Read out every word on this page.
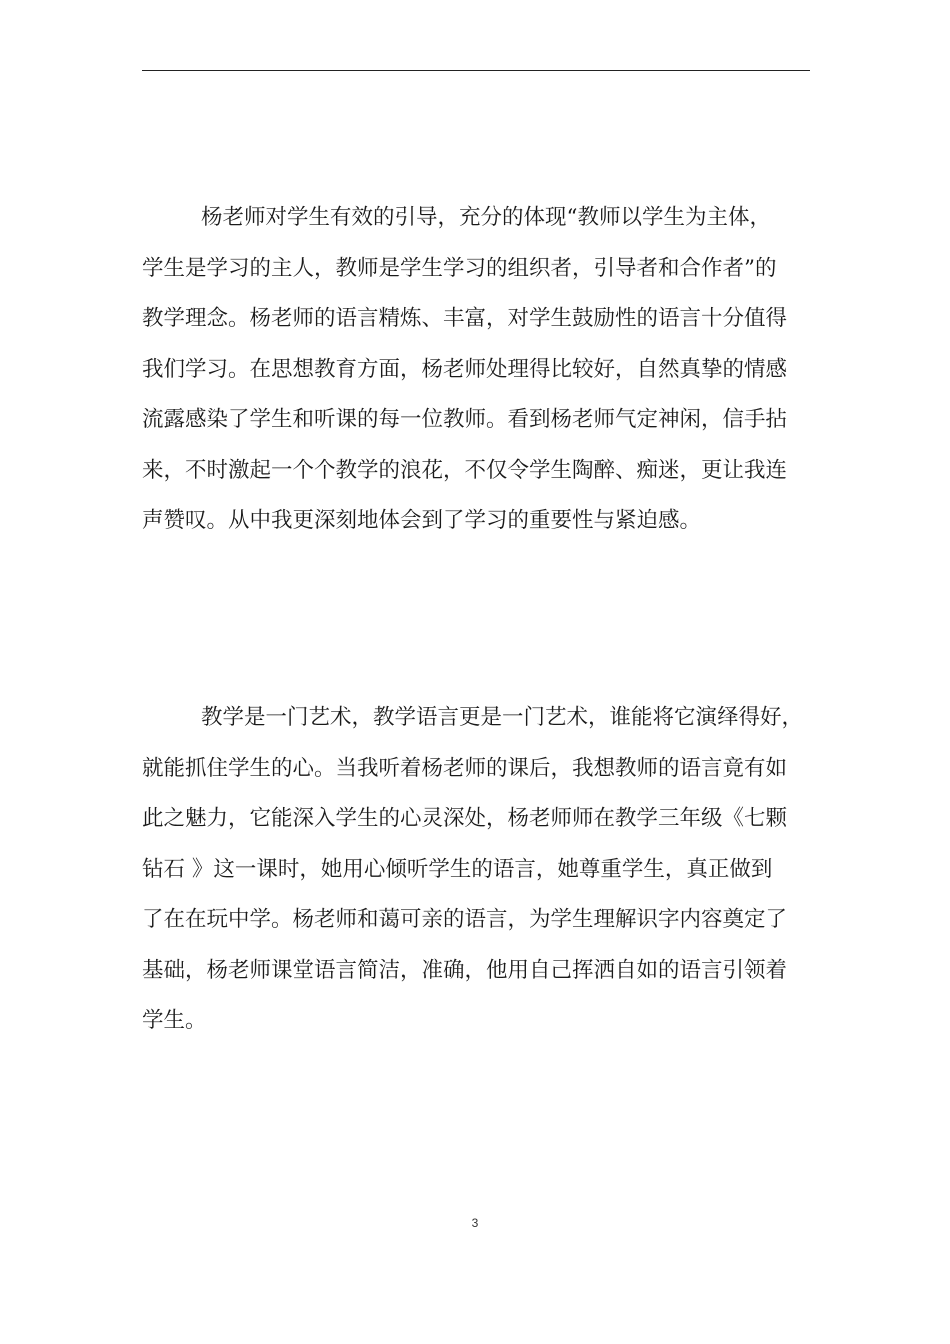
杨老师对学生有效的引导，充分的体现“教师以学生为主体，
学生是学习的主人，教师是学生学习的组织者，引导者和合作者”的
教学理念。杨老师的语言精炼、丰富，对学生鼓励性的语言十分值得
我们学习。在思想教育方面，杨老师处理得比较好，自然真挚的情感
流露感染了学生和听课的每一位教师。看到杨老师气定神闲，信手拈
来，不时激起一个个教学的浪花，不仅令学生陶醉、痴迷，更让我连
声赞叹。从中我更深刻地体会到了学习的重要性与紧迫感。
教学是一门艺术，教学语言更是一门艺术，谁能将它演绎得好，
就能抓住学生的心。当我听着杨老师的课后，我想教师的语言竟有如
此之魅力，它能深入学生的心灵深处，杨老师师在教学三年级《七颗
钻石 》这一课时，她用心倾听学生的语言，她尊重学生，真正做到
了在在玩中学。杨老师和蔼可亲的语言，为学生理解识字内容奠定了
基础，杨老师课堂语言简洁，准确，他用自己挥洒自如的语言引领着
学生。
3
